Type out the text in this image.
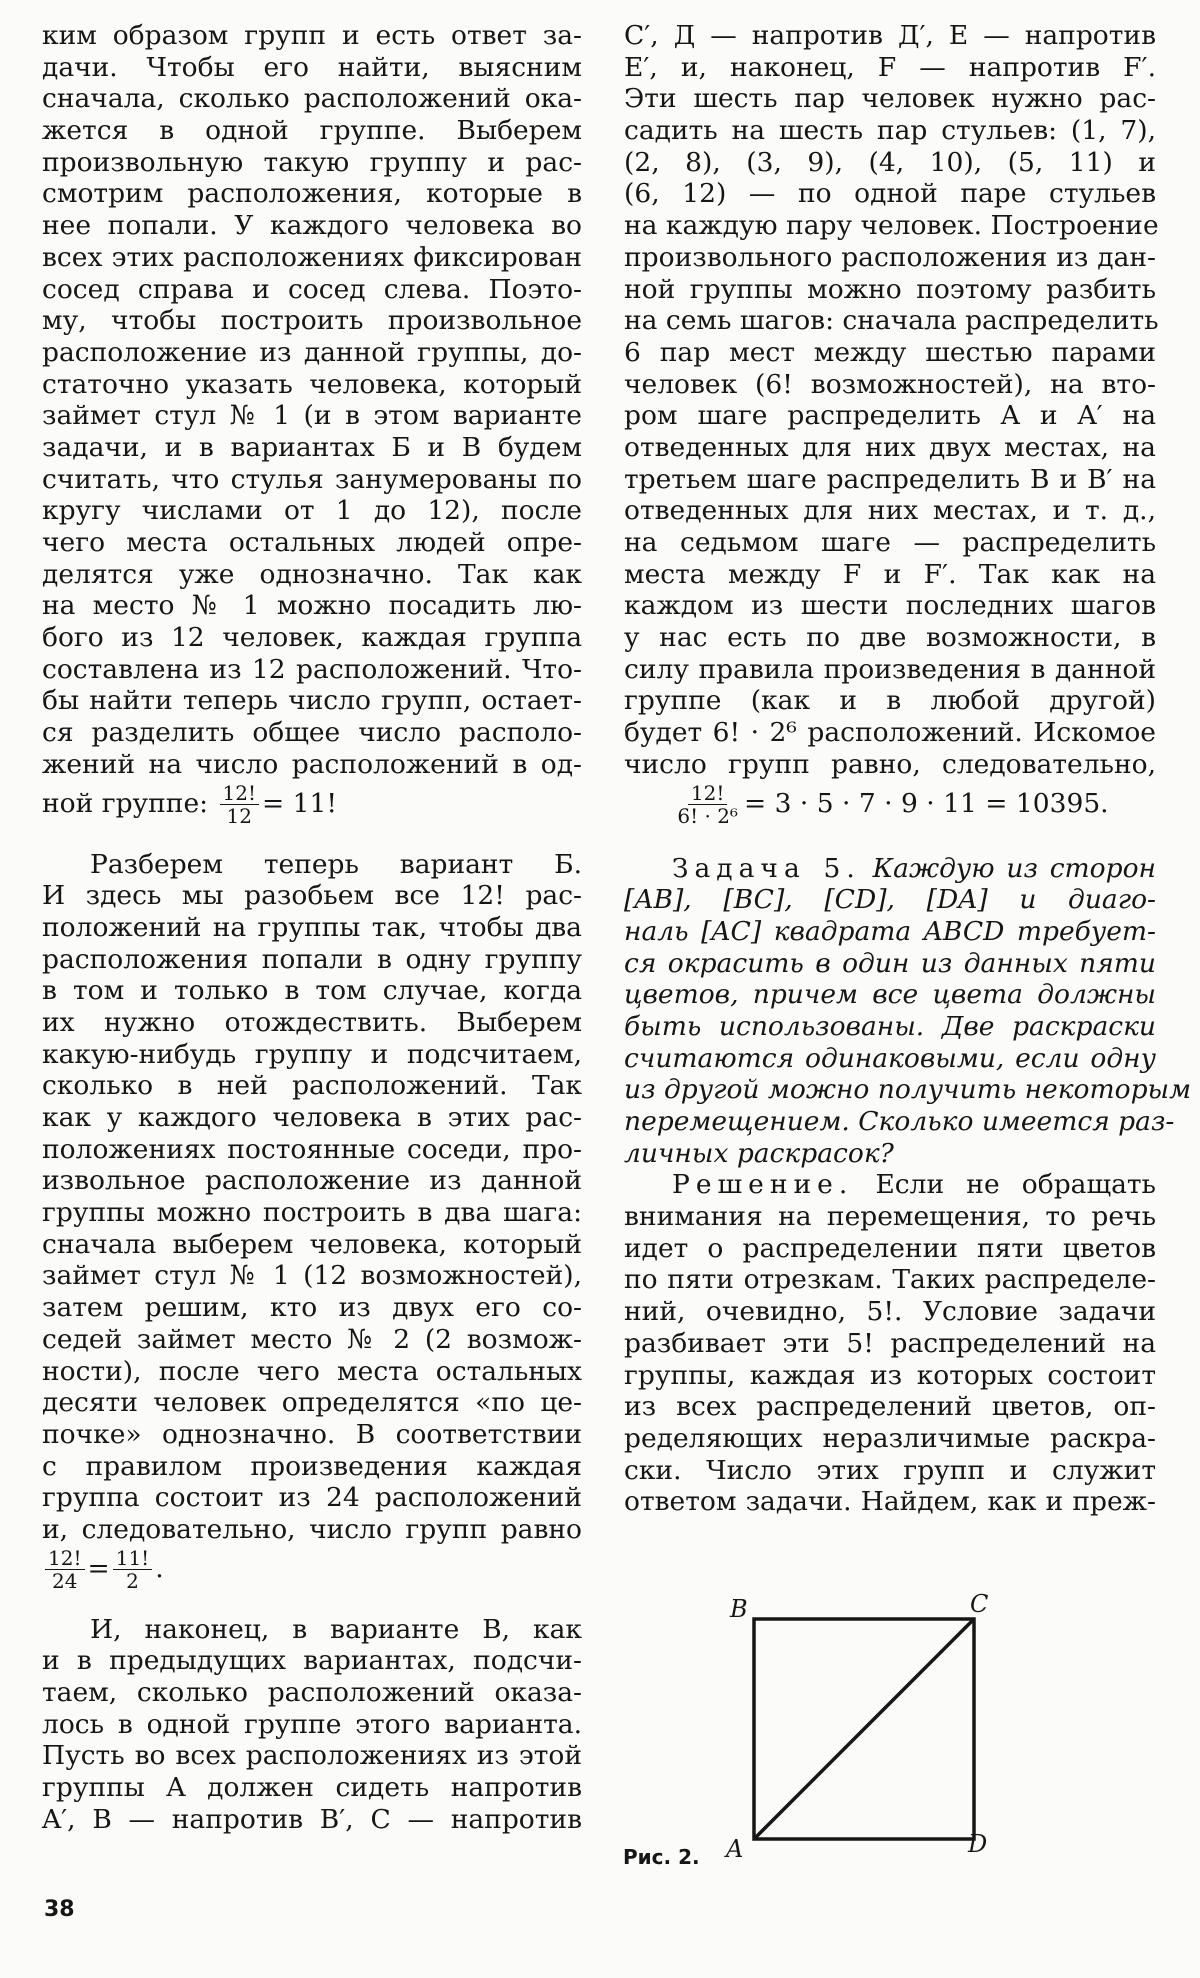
ким образом групп и есть ответ за-
дачи. Чтобы его найти, выясним
сначала, сколько расположений ока-
жется в одной группе. Выберем
произвольную такую группу и рас-
смотрим расположения, которые в
нее попали. У каждого человека во
всех этих расположениях фиксирован
сосед справа и сосед слева. Поэто-
му, чтобы построить произвольное
расположение из данной группы, до-
статочно указать человека, который
займет стул № 1 (и в этом варианте
задачи, и в вариантах Б и В будем
считать, что стулья занумерованы по
кругу числами от 1 до 12), после
чего места остальных людей опре-
делятся уже однозначно. Так как
на место № 1 можно посадить лю-
бого из 12 человек, каждая группа
составлена из 12 расположений. Что-
бы найти теперь число групп, остает-
ся разделить общее число располо-
жений на число расположений в од-
ной группе: $\frac{12!}{12} = 11$!
Разберем теперь вариант Б.
И здесь мы разобьем все 12! рас-
положений на группы так, чтобы два
расположения попали в одну группу
в том и только в том случае, когда
их нужно отождествить. Выберем
какую-нибудь группу и подсчитаем,
сколько в ней расположений. Так
как у каждого человека в этих рас-
положениях постоянные соседи, про-
извольное расположение из данной
группы можно построить в два шага:
сначала выберем человека, который
займет стул № 1 (12 возможностей),
затем решим, кто из двух его со-
седей займет место № 2 (2 возмож-
ности), после чего места остальных
десяти человек определятся «по це-
почке» однозначно. В соответствии
с правилом произведения каждая
группа состоит из 24 расположений
и, следовательно, число групп равно
$\frac{12!}{24} = \frac{11!}{2}$ .
И, наконец, в варианте В, как
и в предыдущих вариантах, подсчи-
таем, сколько расположений оказа-
лось в одной группе этого варианта.
Пусть во всех расположениях из этой
группы A должен сидеть напротив
A′, B — напротив B′, C — напротив
C′, Д — напротив Д′, E — напротив
E′, и, наконец, F — напротив F′.
Эти шесть пар человек нужно рас-
садить на шесть пар стульев: (1, 7),
(2, 8), (3, 9), (4, 10), (5, 11) и
(6, 12) — по одной паре стульев
на каждую пару человек. Построение
произвольного расположения из дан-
ной группы можно поэтому разбить
на семь шагов: сначала распределить
6 пар мест между шестью парами
человек (6! возможностей), на вто-
ром шаге распределить A и A′ на
отведенных для них двух местах, на
третьем шаге распределить B и B′ на
отведенных для них местах, и т. д.,
на седьмом шаге — распределить
места между F и F′. Так как на
каждом из шести последних шагов
у нас есть по две возможности, в
силу правила произведения в данной
группе (как и в любой другой)
будет 6! · 2⁶ расположений. Искомое
число групп равно, следовательно,
$\frac{12!}{\text{6! · 2⁶}} = 3 \cdot 5 \cdot 7 \cdot 9 \cdot 11 = 10395$.
Задача 5. Каждую из сторон
[AB], [BC], [CD], [DA] и диаго-
наль [AC] квадрата ABCD требует-
ся окрасить в один из данных пяти
цветов, причем все цвета должны
быть использованы. Две раскраски
считаются одинаковыми, если одну
из другой можно получить некоторым
перемещением. Сколько имеется раз-
личных раскрасок?
Решение. Если не обращать
внимания на перемещения, то речь
идет о распределении пяти цветов
по пяти отрезкам. Таких распределе-
ний, очевидно, 5!. Условие задачи
разбивает эти 5! распределений на
группы, каждая из которых состоит
из всех распределений цветов, оп-
ределяющих неразличимые раскра-
ски. Число этих групп и служит
ответом задачи. Найдем, как и преж-
B	C
A	D
Рис. 2.
38
